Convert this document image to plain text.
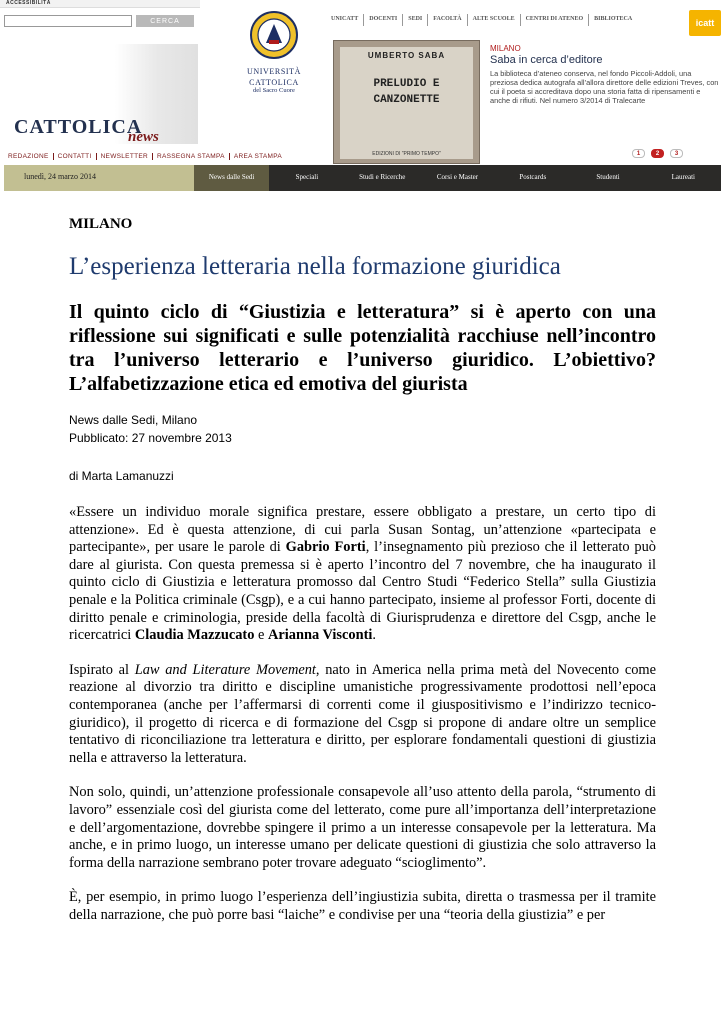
ACCESSIBILITÀ
CERCA
UNIVERSITÀ
CATTOLICA
del Sacro Cuore
CATTOLICA
news
REDAZIONE	CONTATTI	NEWSLETTER	RASSEGNA STAMPA	AREA STAMPA
UNICATT	DOCENTI	SEDI	FACOLTÀ	ALTE SCUOLE	CENTRI DI ATENEO	BIBLIOTECA	icatt
UMBERTO SABA
PRELUDIO E
CANZONETTE
EDIZIONI DI "PRIMO TEMPO"
MILANO
Saba in cerca d’editore
La biblioteca d’ateneo conserva, nel fondo Piccoli-Addoli, una preziosa dedica autografa all’allora direttore delle edizioni Treves, con cui il poeta si accreditava dopo una storia fatta di ripensamenti e anche di rifiuti. Nel numero 3/2014 di Tralecarte
1	2	3
lunedì, 24 marzo 2014	News dalle Sedi	Speciali	Studi e Ricerche	Corsi e Master	Postcards	Studenti	Laureati
MILANO
L’esperienza letteraria nella formazione giuridica
Il quinto ciclo di “Giustizia e letteratura” si è aperto con una riflessione sui significati e sulle potenzialità racchiuse nell’incontro tra l’universo letterario e l’universo giuridico. L’obiettivo? L’alfabetizzazione etica ed emotiva del giurista
News dalle Sedi, Milano
Pubblicato: 27 novembre 2013
di Marta Lamanuzzi

«Essere un individuo morale significa prestare, essere obbligato a prestare, un certo tipo di attenzione». Ed è questa attenzione, di cui parla Susan Sontag, un’attenzione «partecipata e partecipante», per usare le parole di Gabrio Forti, l’insegnamento più prezioso che il letterato può dare al giurista. Con questa premessa si è aperto l’incontro del 7 novembre, che ha inaugurato il quinto ciclo di Giustizia e letteratura promosso dal Centro Studi “Federico Stella” sulla Giustizia penale e la Politica criminale (Csgp), e a cui hanno partecipato, insieme al professor Forti, docente di diritto penale e criminologia, preside della facoltà di Giurisprudenza e direttore del Csgp, anche le ricercatrici Claudia Mazzucato e Arianna Visconti.

Ispirato al Law and Literature Movement, nato in America nella prima metà del Novecento come reazione al divorzio tra diritto e discipline umanistiche progressivamente prodottosi nell’epoca contemporanea (anche per l’affermarsi di correnti come il giuspositivismo e l’indirizzo tecnico-giuridico), il progetto di ricerca e di formazione del Csgp si propone di andare oltre un semplice tentativo di riconciliazione tra letteratura e diritto, per esplorare fondamentali questioni di giustizia nella e attraverso la letteratura.

Non solo, quindi, un’attenzione professionale consapevole all’uso attento della parola, “strumento di lavoro” essenziale così del giurista come del letterato, come pure all’importanza dell’interpretazione e dell’argomentazione, dovrebbe spingere il primo a un interesse consapevole per la letteratura. Ma anche, e in primo luogo, un interesse umano per delicate questioni di giustizia che solo attraverso la forma della narrazione sembrano poter trovare adeguato “scioglimento”.

È, per esempio, in primo luogo l’esperienza dell’ingiustizia subita, diretta o trasmessa per il tramite della narrazione, che può porre basi “laiche” e condivise per una “teoria della giustizia” e per
